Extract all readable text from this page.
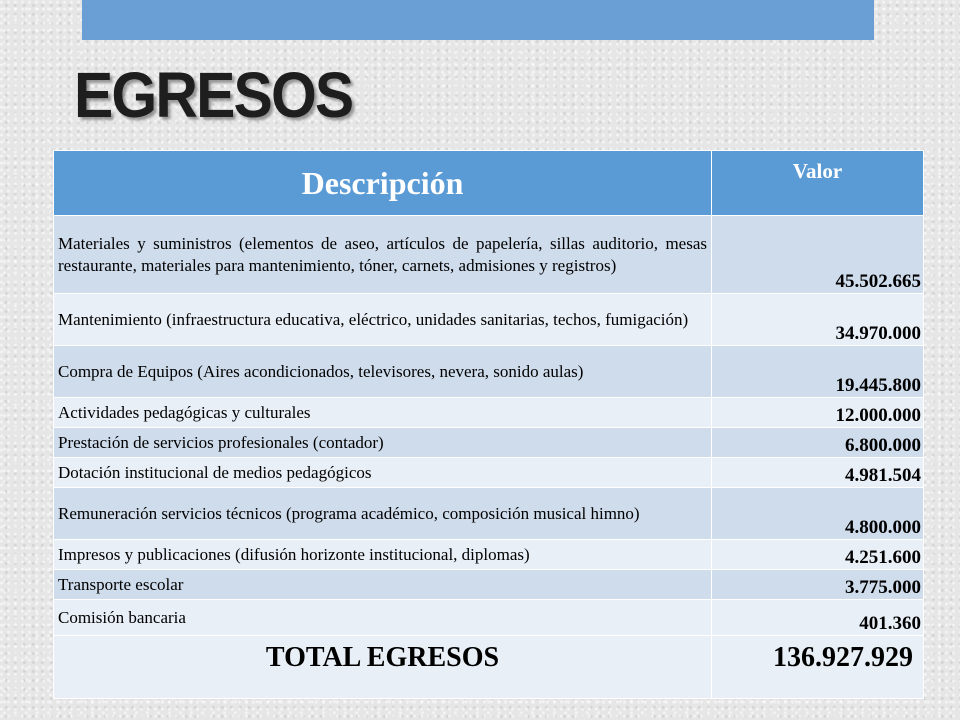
EGRESOS
Descripción	Valor
Materiales y suministros (elementos de aseo, artículos de papelería, sillas auditorio, mesas restaurante, materiales para mantenimiento, tóner, carnets, admisiones y registros)	45.502.665
Mantenimiento (infraestructura educativa, eléctrico, unidades sanitarias, techos, fumigación)	34.970.000
Compra de Equipos (Aires acondicionados, televisores, nevera, sonido aulas)	19.445.800
Actividades pedagógicas y culturales	12.000.000
Prestación de servicios profesionales (contador)	6.800.000
Dotación institucional de medios pedagógicos	4.981.504
Remuneración servicios técnicos (programa académico, composición musical himno)	4.800.000
Impresos y publicaciones (difusión horizonte institucional, diplomas)	4.251.600
Transporte escolar	3.775.000
Comisión bancaria	401.360
TOTAL EGRESOS	136.927.929
